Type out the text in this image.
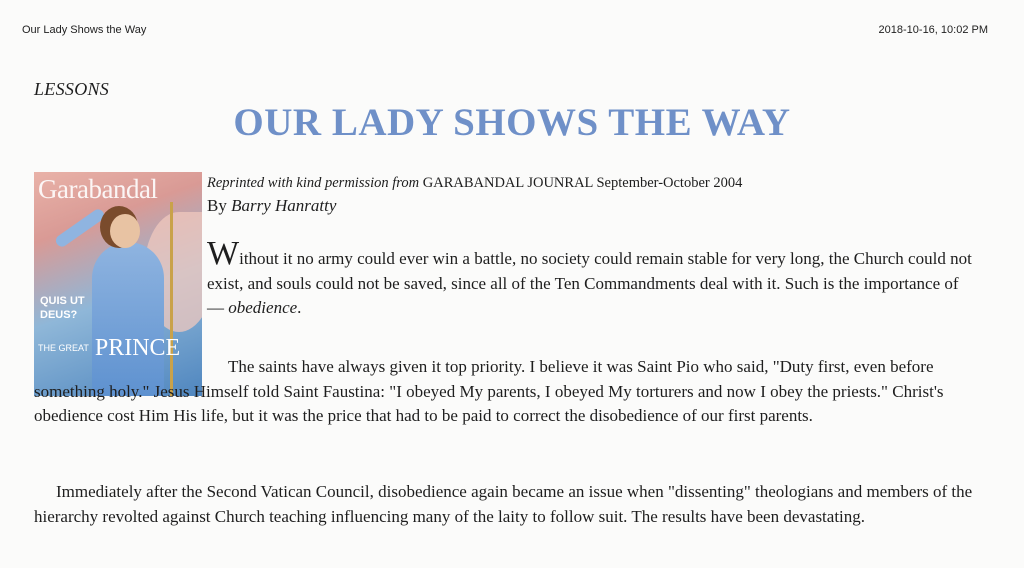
Our Lady Shows the Way	2018-10-16, 10:02 PM
LESSONS
OUR LADY SHOWS THE WAY
Garabandal
QUIS UT DEUS?
$^{THE GREAT}$ PRINCE
Reprinted with kind permission from GARABANDAL JOUNRAL September-October 2004
By Barry Hanratty

Without it no army could ever win a battle, no society could remain stable for very long, the Church could not exist, and souls could not be saved, since all of the Ten Commandments deal with it. Such is the importance of — obedience.

The saints have always given it top priority. I believe it was Saint Pio who said, "Duty first, even before something holy." Jesus Himself told Saint Faustina: "I obeyed My parents, I obeyed My torturers and now I obey the priests." Christ's obedience cost Him His life, but it was the price that had to be paid to correct the disobedience of our first parents.

Immediately after the Second Vatican Council, disobedience again became an issue when "dissenting" theologians and members of the hierarchy revolted against Church teaching influencing many of the laity to follow suit. The results have been devastating.
